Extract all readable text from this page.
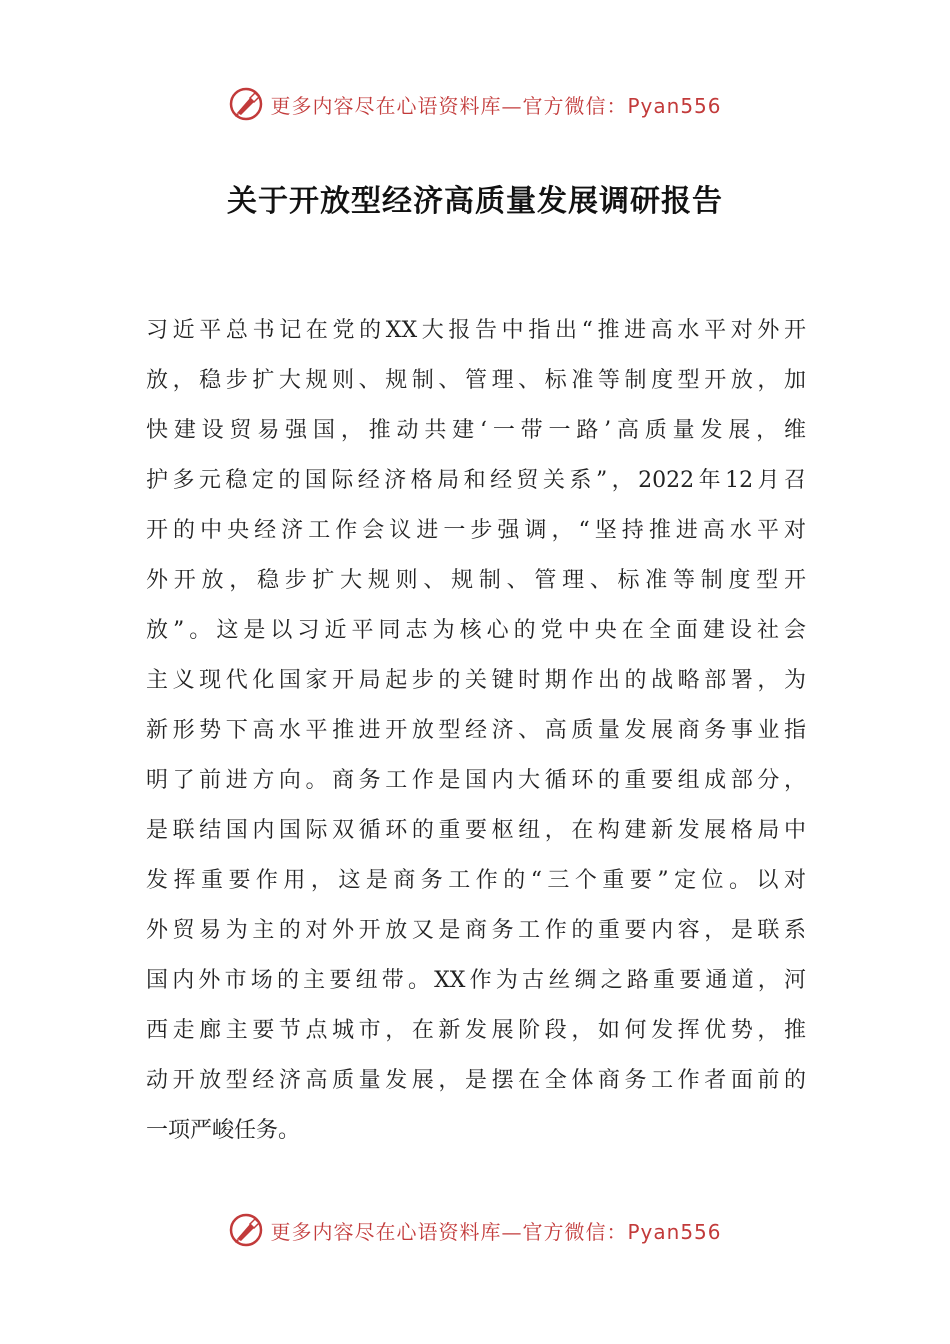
更多内容尽在心语资料库—官方微信：Pyan556
关于开放型经济高质量发展调研报告
习近平总书记在党的XX大报告中指出“推进高水平对外开
放，稳步扩大规则、规制、管理、标准等制度型开放，加
快建设贸易强国，推动共建‘一带一路’高质量发展，维
护多元稳定的国际经济格局和经贸关系”，2022年12月召
开的中央经济工作会议进一步强调，“坚持推进高水平对
外开放，稳步扩大规则、规制、管理、标准等制度型开
放”。这是以习近平同志为核心的党中央在全面建设社会
主义现代化国家开局起步的关键时期作出的战略部署，为
新形势下高水平推进开放型经济、高质量发展商务事业指
明了前进方向。商务工作是国内大循环的重要组成部分，
是联结国内国际双循环的重要枢纽，在构建新发展格局中
发挥重要作用，这是商务工作的“三个重要”定位。以对
外贸易为主的对外开放又是商务工作的重要内容，是联系
国内外市场的主要纽带。XX作为古丝绸之路重要通道，河
西走廊主要节点城市，在新发展阶段，如何发挥优势，推
动开放型经济高质量发展，是摆在全体商务工作者面前的
一项严峻任务。
更多内容尽在心语资料库—官方微信：Pyan556
